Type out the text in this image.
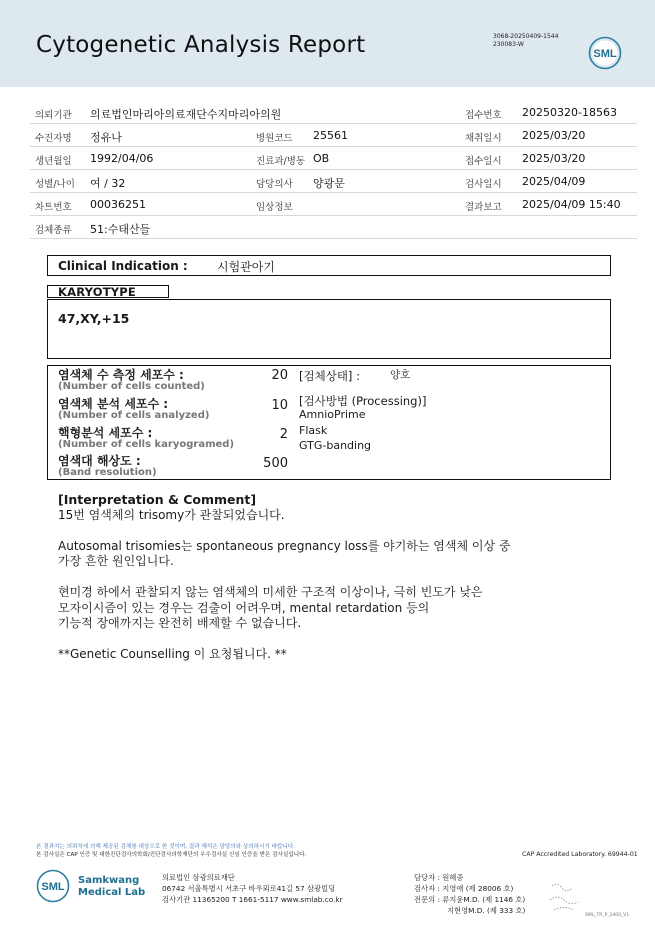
Cytogenetic Analysis Report	3068-20250409-1544
230083-W
SML
의뢰기관 의료법인마리아의료재단수지마리아의원	접수번호 20250320-18563
수진자명 정유나	병원코드 25561	채취일시 2025/03/20
생년월일 1992/04/06	진료과/병동 OB	접수일시 2025/03/20
성별/나이 여 / 32	담당의사 양광문	검사일시 2025/04/09
차트번호 00036251	임상정보	결과보고 2025/04/09 15:40
검체종류 51:수태산들
Clinical Indication : 시험관아기
KARYOTYPE
47,XY,+15
염색체 수 측정 세포수 :
(Number of cells counted)
20
염색체 분석 세포수 :
(Number of cells analyzed)
10
핵형분석 세포수 :
(Number of cells karyogramed)
2
염색대 해상도 :
(Band resolution)
500
[검체상태] :	양호
[검사방법 (Processing)]
AmnioPrime
Flask
GTG-banding

[Interpretation & Comment]

15번 염색체의 trisomy가 관찰되었습니다.

Autosomal trisomies는 spontaneous pregnancy loss를 야기하는 염색체 이상 중

가장 흔한 원인입니다.

현미경 하에서 관찰되지 않는 염색체의 미세한 구조적 이상이나, 극히 빈도가 낮은

모자이시즘이 있는 경우는 검출이 어려우며, mental retardation 등의

기능적 장애까지는 완전히 배제할 수 없습니다.

**Genetic Counselling 이 요청됩니다. **

본 결과지는 의뢰처에 의해 제공된 검체를 대상으로 한 것이며, 결과 해석은 담당의와 상의하시기 바랍니다.
본 검사실은 CAP 인증 및 대한진단검사의학회/진단검사의학재단의 우수검사실 신임 인증을 받은 검사실입니다.	CAP Accredited Laboratory. 69944-01
SML
Samkwang
Medical Lab
의료법인 삼광의료재단
06742 서울특별시 서초구 바우뫼로41길 57 삼광빌딩
검사기관 11365200 T 1661-5117 www.smlab.co.kr
담당자 : 원혜중
검사자 : 지영애 (제 28006 호)
전문의 : 류지윤M.D. (제 1146 호)
지현영M.D. (제 333 호)
SML_TR_P_2400_V1
